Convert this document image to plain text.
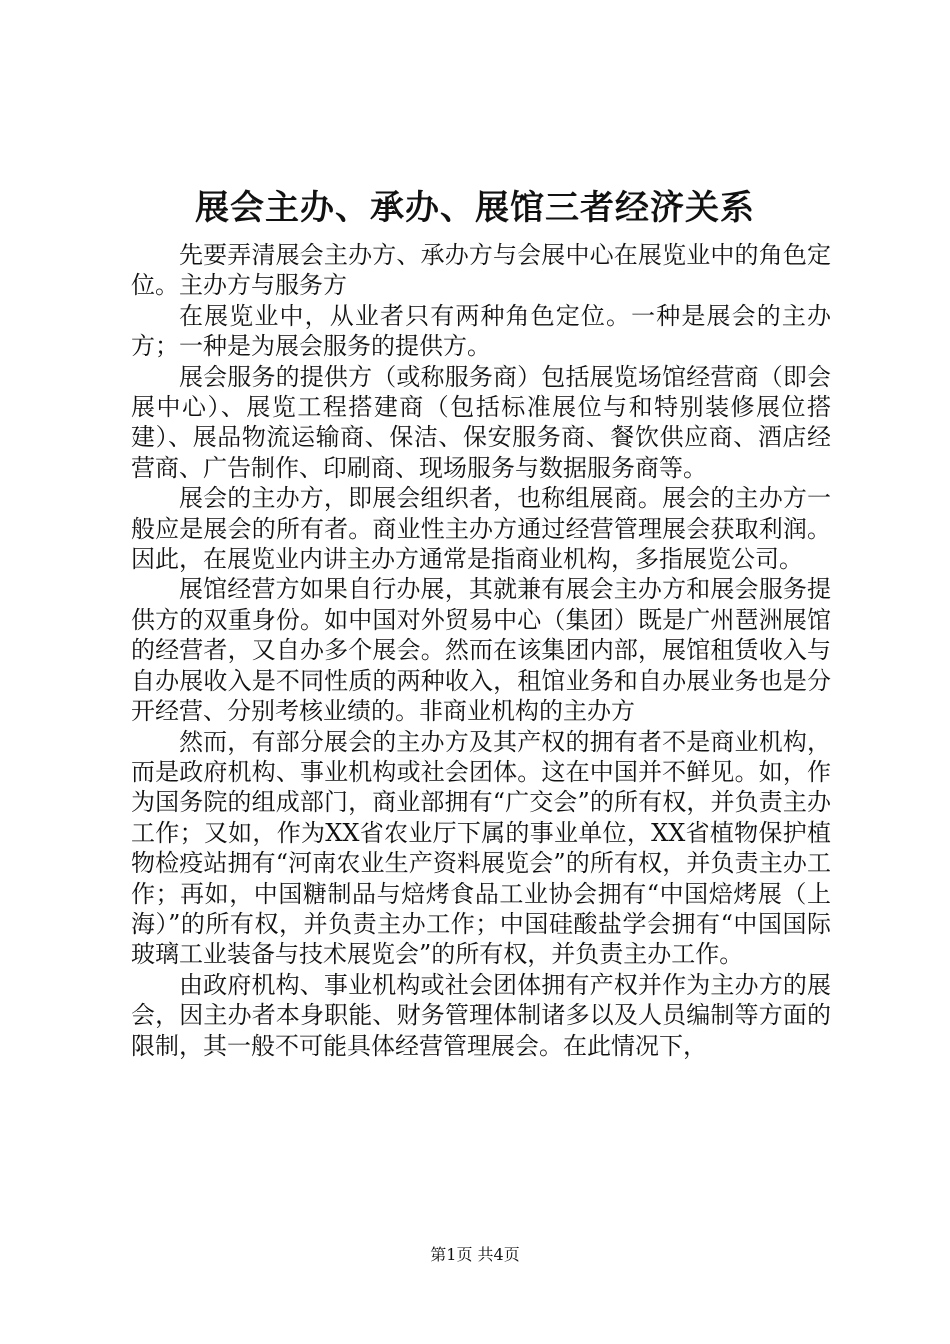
展会主办、承办、展馆三者经济关系

先要弄清展会主办方、承办方与会展中心在展览业中的角色定位。主办方与服务方

在展览业中，从业者只有两种角色定位。一种是展会的主办方；一种是为展会服务的提供方。

展会服务的提供方（或称服务商）包括展览场馆经营商（即会展中心）、展览工程搭建商（包括标准展位与和特别装修展位搭建）、展品物流运输商、保洁、保安服务商、餐饮供应商、酒店经营商、广告制作、印刷商、现场服务与数据服务商等。

展会的主办方，即展会组织者，也称组展商。展会的主办方一般应是展会的所有者。商业性主办方通过经营管理展会获取利润。因此，在展览业内讲主办方通常是指商业机构，多指展览公司。

展馆经营方如果自行办展，其就兼有展会主办方和展会服务提供方的双重身份。如中国对外贸易中心（集团）既是广州琶洲展馆的经营者，又自办多个展会。然而在该集团内部，展馆租赁收入与自办展收入是不同性质的两种收入，租馆业务和自办展业务也是分开经营、分别考核业绩的。非商业机构的主办方

然而，有部分展会的主办方及其产权的拥有者不是商业机构，而是政府机构、事业机构或社会团体。这在中国并不鲜见。如，作为国务院的组成部门，商业部拥有“广交会”的所有权，并负责主办工作；又如，作为XX省农业厅下属的事业单位，XX省植物保护植物检疫站拥有“河南农业生产资料展览会”的所有权，并负责主办工作；再如，中国糖制品与焙烤食品工业协会拥有“中国焙烤展（上海）”的所有权，并负责主办工作；中国硅酸盐学会拥有“中国国际玻璃工业装备与技术展览会”的所有权，并负责主办工作。

由政府机构、事业机构或社会团体拥有产权并作为主办方的展会，因主办者本身职能、财务管理体制诸多以及人员编制等方面的限制，其一般不可能具体经营管理展会。在此情况下，

第1页 共4页
